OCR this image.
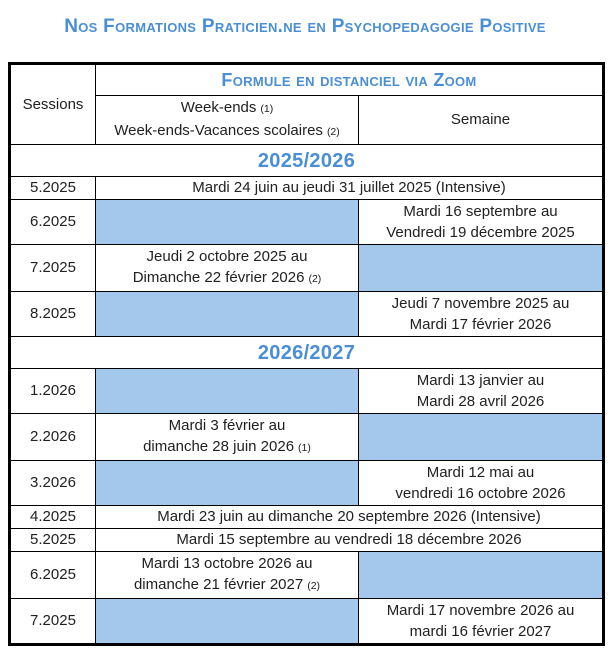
Nos Formations Praticien.ne en Psychopedagogie Positive
Sessions	Formule en distanciel via Zoom	

	Week-ends (1)
Week-ends-Vacances scolaires (2)	Semaine
2025/2026		
5.2025	Mardi 24 juin au jeudi 31 juillet 2025 (Intensive)	
6.2025		Mardi 16 septembre au
Vendredi 19 décembre 2025

7.2025	Jeudi 2 octobre 2025 au
Dimanche 22 février 2026 (2)	

8.2025		Jeudi 7 novembre 2025 au
Mardi 17 février 2026

2026/2027		
1.2026		Mardi 13 janvier au
Mardi 28 avril 2026

2.2026	Mardi 3 février au
dimanche 28 juin 2026 (1)	

3.2026		Mardi 12 mai au
vendredi 16 octobre 2026

4.2025	Mardi 23 juin au dimanche 20 septembre 2026 (Intensive)	
5.2025	Mardi 15 septembre au vendredi 18 décembre 2026	
6.2025	Mardi 13 octobre 2026 au
dimanche 21 février 2027 (2)	

7.2025		Mardi 17 novembre 2026 au
mardi 16 février 2027
